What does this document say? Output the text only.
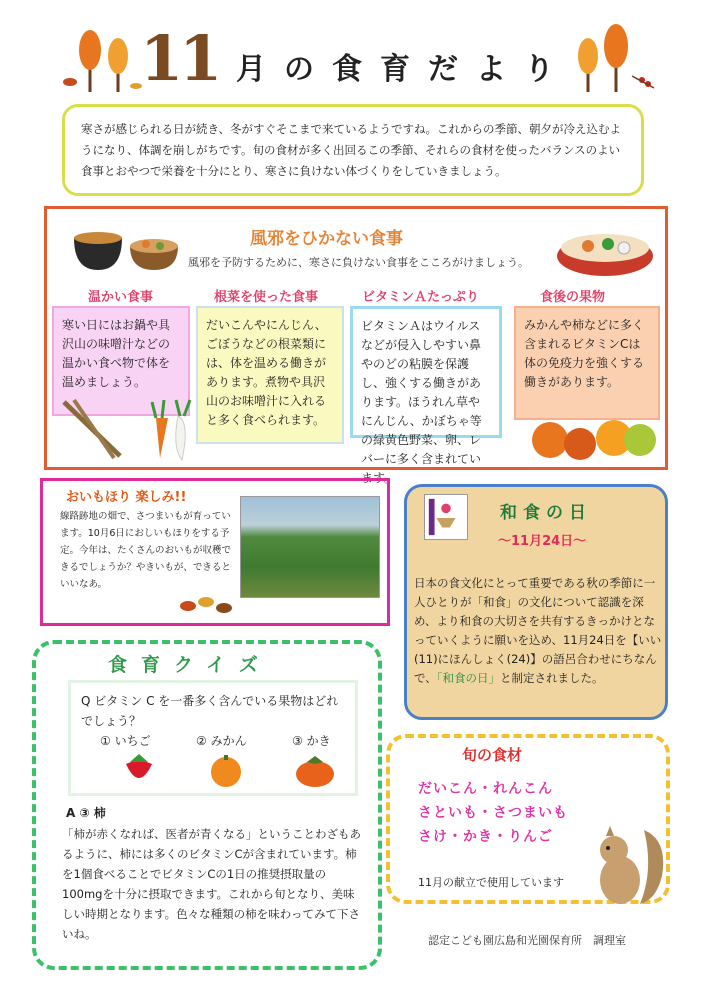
11 月の食育だより
寒さが感じられる日が続き、冬がすぐそこまで来ているようですね。これからの季節、朝夕が冷え込むようになり、体調を崩しがちです。旬の食材が多く出回るこの季節、それらの食材を使ったバランスのよい食事とおやつで栄養を十分にとり、寒さに負けない体づくりをしていきましょう。
風邪をひかない食事
風邪を予防するために、寒さに負けない食事をこころがけましょう。
温かい食事	根菜を使った食事	ビタミンＡたっぷり	食後の果物
寒い日にはお鍋や具沢山の味噌汁などの温かい食べ物で体を温めましょう。
だいこんやにんじん、ごぼうなどの根菜類には、体を温める働きがあります。煮物や具沢山のお味噌汁に入れると多く食べられます。
ビタミンＡはウイルスなどが侵入しやすい鼻やのどの粘膜を保護し、強くする働きがあります。ほうれん草やにんじん、かぼちゃ等の緑黄色野菜、卵、レバーに多く含まれています。
みかんや柿などに多く含まれるビタミンCは体の免疫力を強くする働きがあります。
おいもほり 楽しみ!!
線路跡地の畑で、さつまいもが育っています。10月6日におしいもほりをする予定。今年は、たくさんのおいもが収穫できるでしょうか？やきいもが、できるといいなあ。
和食の日
～11月24日～
日本の食文化にとって重要である秋の季節に一人ひとりが「和食」の文化について認識を深め、より和食の大切さを共有するきっかけとなっていくように願いを込め、11月24日を【いい(11)にほんしょく(24)】の語呂合わせにちなんで、「和食の日」と制定されました。
食育クイズ
Q ビタミン C を一番多く含んでいる果物はどれでしょう？
① いちご	② みかん	③ かき
A ③ 柿
「柿が赤くなれば、医者が青くなる」ということわざもあるように、柿には多くのビタミンCが含まれています。柿を1個食べることでビタミンCの1日の推奨摂取量の100mgを十分に摂取できます。これから旬となり、美味しい時期となります。色々な種類の柿を味わってみて下さいね。
旬の食材
だいこん・れんこん
さといも・さつまいも
さけ・かき・りんご
11月の献立で使用しています
認定こども園広島和光園保育所　調理室
